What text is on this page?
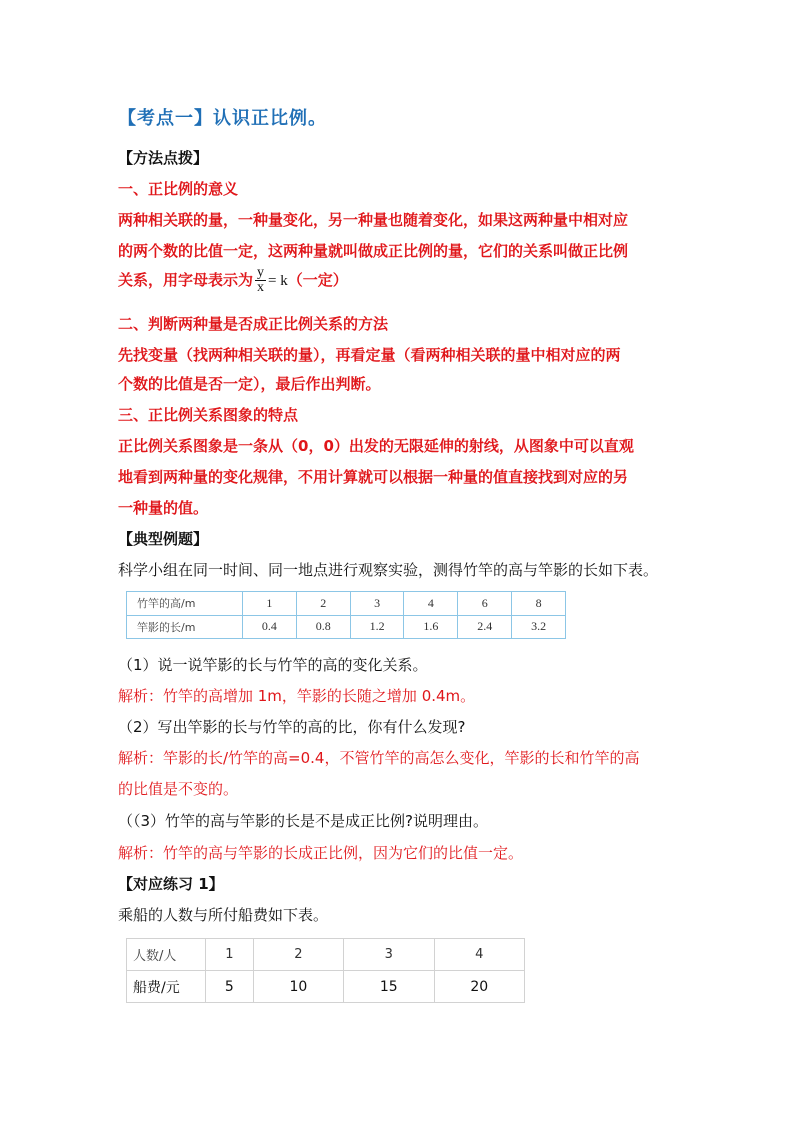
【考点一】认识正比例。
【方法点拨】
一、正比例的意义
两种相关联的量，一种量变化，另一种量也随着变化，如果这两种量中相对应
的两个数的比值一定，这两种量就叫做成正比例的量，它们的关系叫做正比例
关系，用字母表示为 $\frac{y}{x} = k$（一定）
二、判断两种量是否成正比例关系的方法
先找变量（找两种相关联的量），再看定量（看两种相关联的量中相对应的两
个数的比值是否一定），最后作出判断。
三、正比例关系图象的特点
正比例关系图象是一条从（0，0）出发的无限延伸的射线，从图象中可以直观
地看到两种量的变化规律，不用计算就可以根据一种量的值直接找到对应的另
一种量的值。
【典型例题】
科学小组在同一时间、同一地点进行观察实验，测得竹竿的高与竿影的长如下表。
竹竿的高/m	1	2	3	4	6	8
竿影的长/m	0.4	0.8	1.2	1.6	2.4	3.2
（1）说一说竿影的长与竹竿的高的变化关系。
解析：竹竿的高增加 1m，竿影的长随之增加 0.4m。
（2）写出竿影的长与竹竿的高的比，你有什么发现?
解析：竿影的长/竹竿的高=0.4，不管竹竿的高怎么变化，竿影的长和竹竿的高
的比值是不变的。
（（3）竹竿的高与竿影的长是不是成正比例?说明理由。
解析：竹竿的高与竿影的长成正比例，因为它们的比值一定。
【对应练习 1】
乘船的人数与所付船费如下表。
人数/人	1	2	3	4
船费/元	5	10	15	20
